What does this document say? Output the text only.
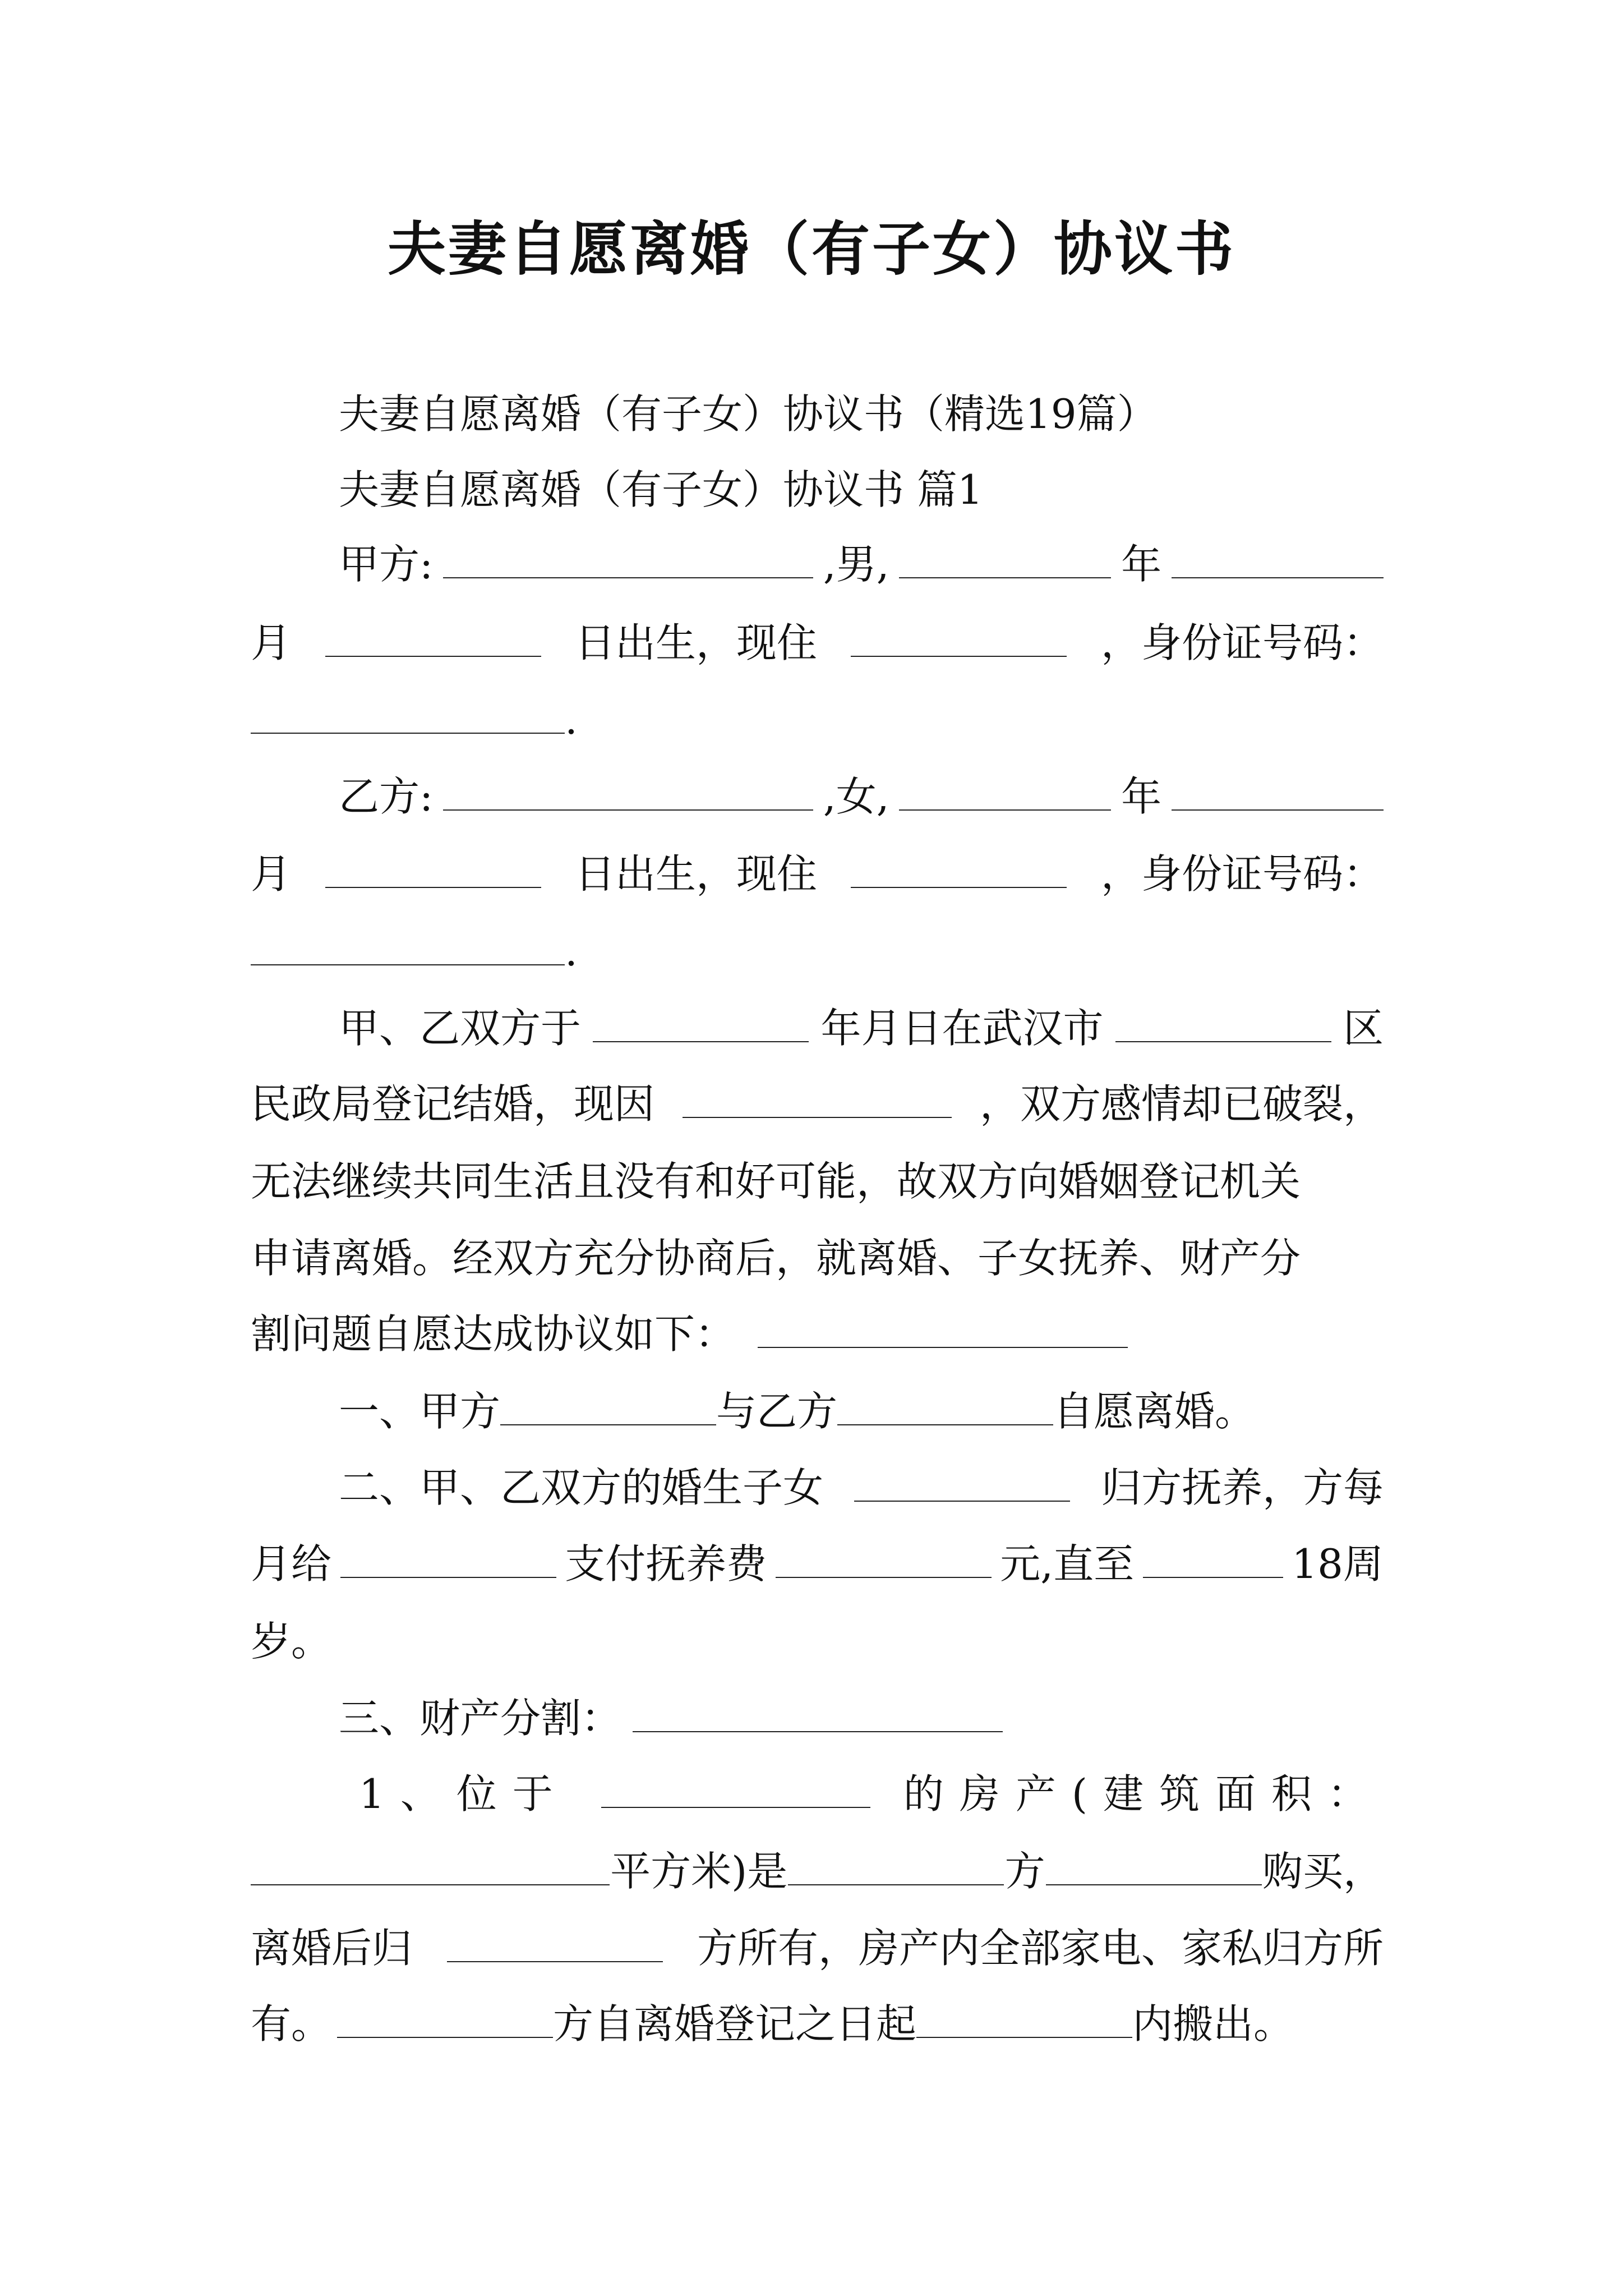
夫妻自愿离婚（有子女）协议书
夫妻自愿离婚（有子女）协议书（精选19篇）
夫妻自愿离婚（有子女）协议书 篇1
甲方:	,男,	年
月	日出生，现住	，身份证号码：
.
乙方:	,女,	年
月	日出生，现住	，身份证号码：
.
甲、乙双方于	年月日在武汉市	区
民政局登记结婚，现因	，双方感情却已破裂，
无法继续共同生活且没有和好可能，故双方向婚姻登记机关
申请离婚。经双方充分协商后，就离婚、子女抚养、财产分
割问题自愿达成协议如下：
一、甲方	与乙方	自愿离婚。
二、甲、乙双方的婚生子女	归方抚养，方每
月给	支付抚养费	元,直至	18周
岁。
三、财产分割：
1、位于	的房产(建筑面积：
平方米)是	方	购买，
离婚后归	方所有，房产内全部家电、家私归方所
有。	方自离婚登记之日起	内搬出。
